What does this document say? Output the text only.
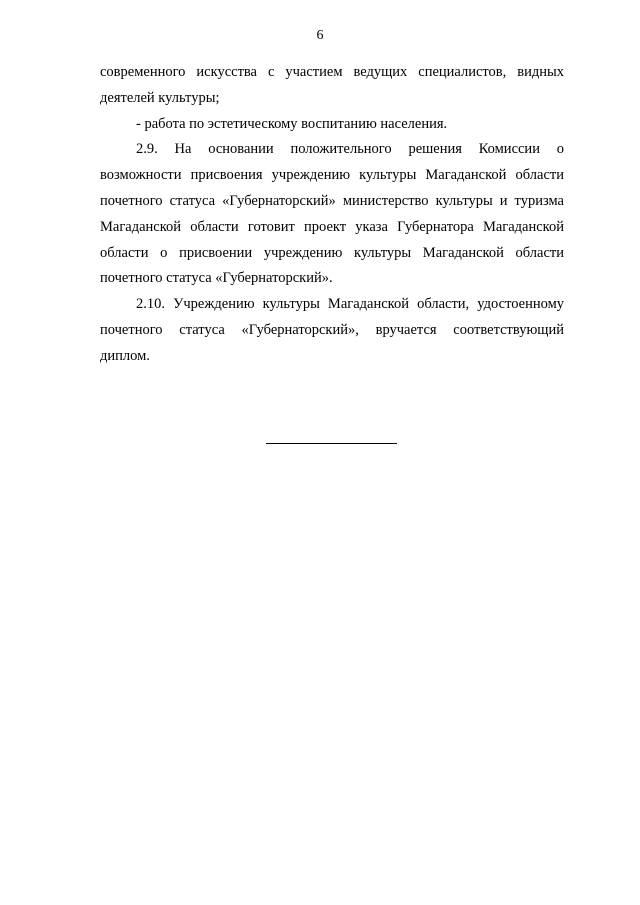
6

современного искусства с участием ведущих специалистов, видных деятелей культуры;

- работа по эстетическому воспитанию населения.

2.9. На основании положительного решения Комиссии о возможности присвоения учреждению культуры Магаданской области почетного статуса «Губернаторский» министерство культуры и туризма Магаданской области готовит проект указа Губернатора Магаданской области о присвоении учреждению культуры Магаданской области почетного статуса «Губернаторский».

2.10. Учреждению культуры Магаданской области, удостоенному почетного статуса «Губернаторский», вручается соответствующий диплом.
